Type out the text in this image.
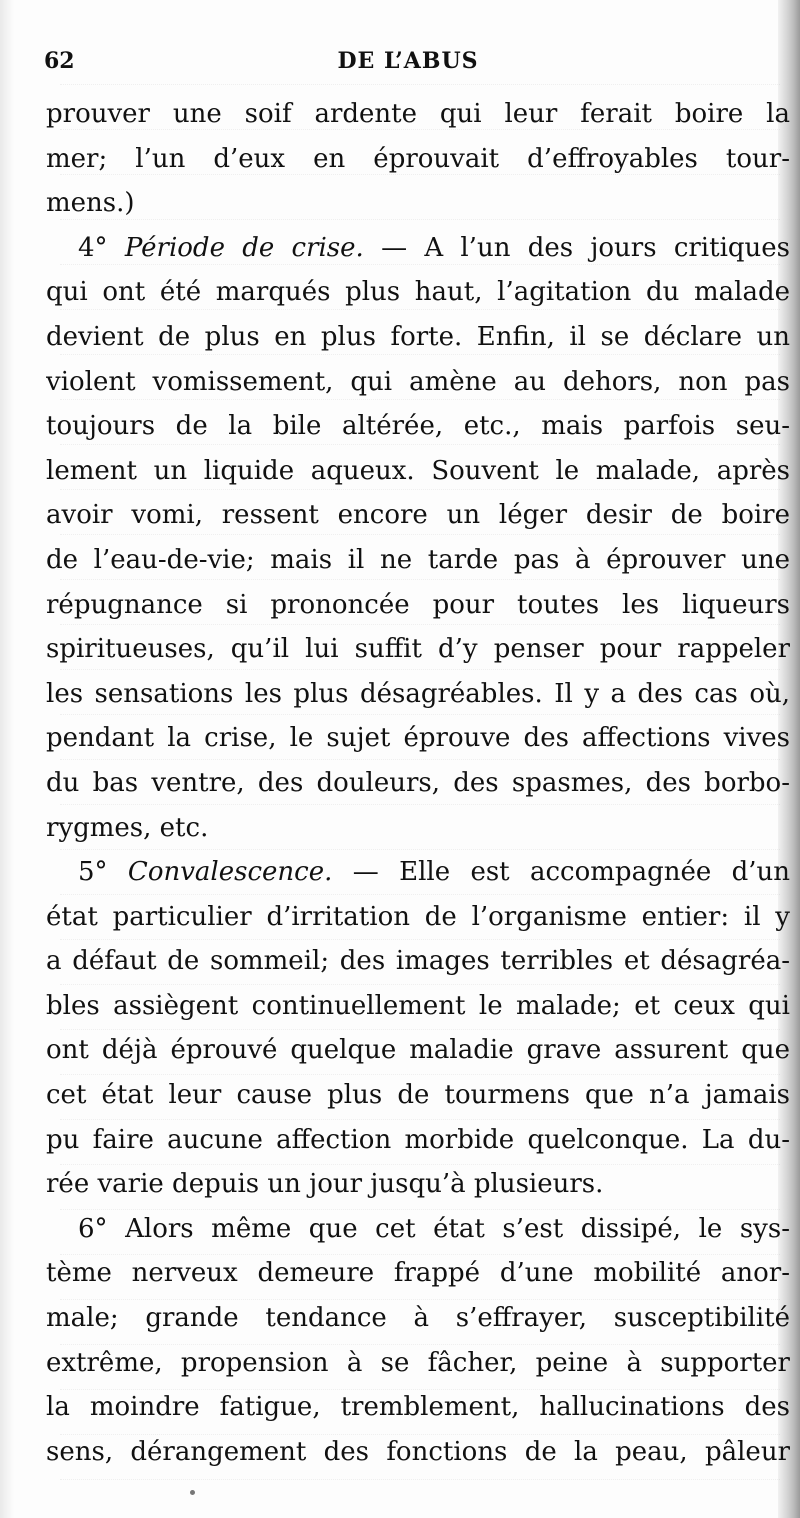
62	DE L’ABUS
prouver une soif ardente qui leur ferait boire la
mer; l’un d’eux en éprouvait d’effroyables tour-
mens.)
4° Période de crise. — A l’un des jours critiques
qui ont été marqués plus haut, l’agitation du malade
devient de plus en plus forte. Enfin, il se déclare un
violent vomissement, qui amène au dehors, non pas
toujours de la bile altérée, etc., mais parfois seu-
lement un liquide aqueux. Souvent le malade, après
avoir vomi, ressent encore un léger desir de boire
de l’eau-de-vie; mais il ne tarde pas à éprouver une
répugnance si prononcée pour toutes les liqueurs
spiritueuses, qu’il lui suffit d’y penser pour rappeler
les sensations les plus désagréables. Il y a des cas où,
pendant la crise, le sujet éprouve des affections vives
du bas ventre, des douleurs, des spasmes, des borbo-
rygmes, etc.
5° Convalescence. — Elle est accompagnée d’un
état particulier d’irritation de l’organisme entier: il y
a défaut de sommeil; des images terribles et désagréa-
bles assiègent continuellement le malade; et ceux qui
ont déjà éprouvé quelque maladie grave assurent que
cet état leur cause plus de tourmens que n’a jamais
pu faire aucune affection morbide quelconque. La du-
rée varie depuis un jour jusqu’à plusieurs.
6° Alors même que cet état s’est dissipé, le sys-
tème nerveux demeure frappé d’une mobilité anor-
male; grande tendance à s’effrayer, susceptibilité
extrême, propension à se fâcher, peine à supporter
la moindre fatigue, tremblement, hallucinations des
sens, dérangement des fonctions de la peau, pâleur
